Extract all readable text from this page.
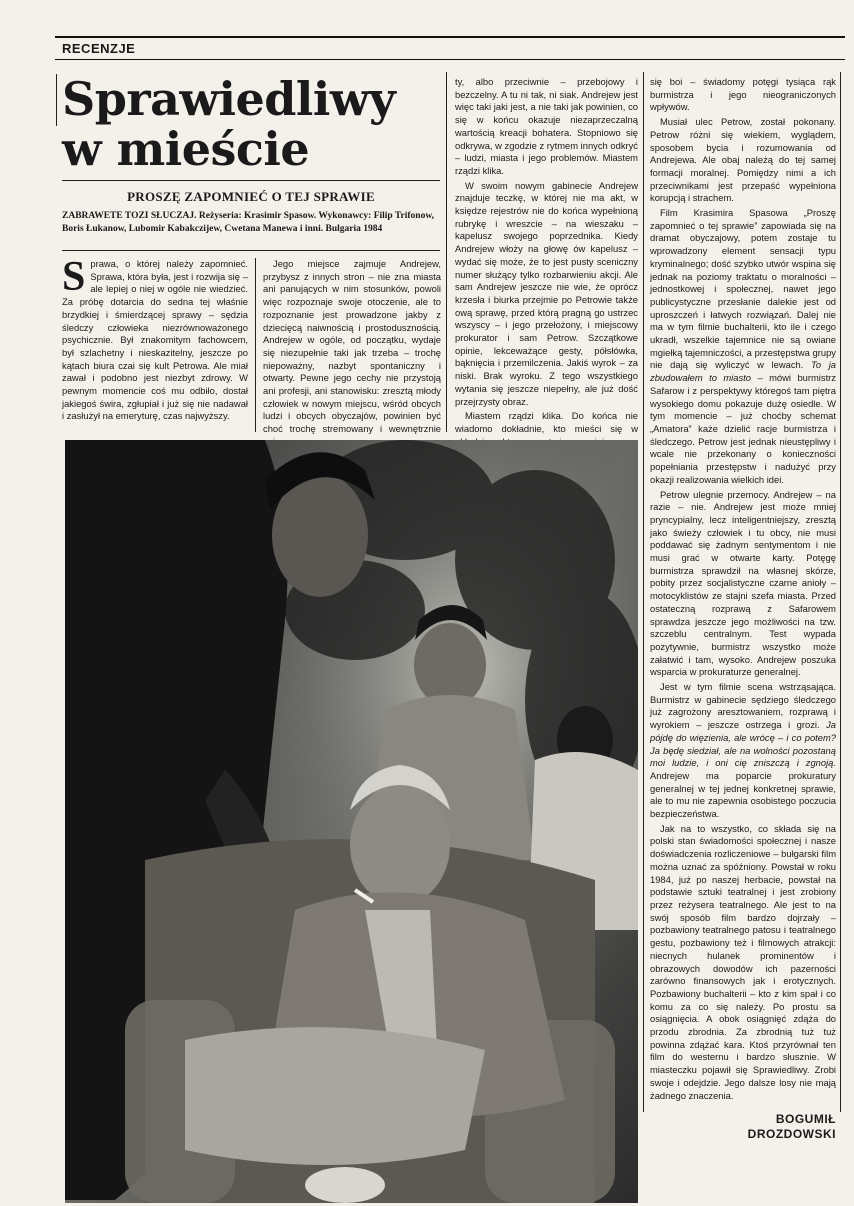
RECENZJE
Sprawiedliwy
w mieście
PROSZĘ ZAPOMNIEĆ O TEJ SPRAWIE

ZABRAWETE TOZI SŁUCZAJ. Reżyseria: Krasimir Spasow. Wykonawcy: Filip Trifonow, Boris Łukanow, Lubomir Kabakczijew, Cwetana Manewa i inni. Bulgaria 1984

Sprawa, o której należy zapomnieć. Sprawa, która była, jest i rozwija się – ale lepiej o niej w ogóle nie wiedzieć. Za próbę dotarcia do sedna tej właśnie brzydkiej i śmierdzącej sprawy – sędzia śledczy człowieka niezrównoważonego psychicznie. Był znakomitym fachowcem, był szlachetny i nieskazitelny, jeszcze po kątach biura czai się kult Petrowa. Ale miał zawał i podobno jest niezbyt zdrowy. W pewnym momencie coś mu odbiło, dostał jakiegoś świra, zgłupiał i już się nie nadawał i zasłużył na emeryturę, czas najwyższy.

Jego miejsce zajmuje Andrejew, przybysz z innych stron – nie zna miasta ani panujących w nim stosunków, powoli więc rozpoznaje swoje otoczenie, ale to rozpoznanie jest prowadzone jakby z dziecięcą naiwnością i prostodusznością. Andrejew w ogóle, od początku, wydaje się niezupełnie taki jak trzeba – trochę niepoważny, nazbyt spontaniczny i otwarty. Pewne jego cechy nie przystoją ani profesji, ani stanowisku: zresztą młody człowiek w nowym miejscu, wśród obcych ludzi i obcych obyczajów, powinien być choć trochę stremowany i wewnętrznie

ty, albo przeciwnie – przebojowy i bezczelny. A tu ni tak, ni siak. Andrejew jest więc taki jaki jest, a nie taki jak powinien, co się w końcu okazuje niezaprzeczalną wartością kreacji bohatera. Stopniowo się odkrywa, w zgodzie z rytmem innych odkryć – ludzi, miasta i jego problemów. Miastem rządzi klika.

W swoim nowym gabinecie Andrejew znajduje teczkę, w której nie ma akt, w księdze rejestrów nie do końca wypełnioną rubrykę i wreszcie – na wieszaku – kapelusz swojego poprzednika. Kiedy Andrejew włoży na głowę ów kapelusz – wydać się może, że to jest pusty sceniczny numer służący tylko rozbarwieniu akcji. Ale sam Andrejew jeszcze nie wie, że oprócz krzesła i biurka przejmie po Petrowie także ową sprawę, przed którą pragną go ustrzec wszyscy – i jego przełożony, i miejscowy prokurator i sam Petrow. Szczątkowe opinie, lekceważące gesty, półsłówka, bąknięcia i przemilczenia. Jakiś wyrok – za niski. Brak wyroku. Z tego wszystkiego wytania się jeszcze niepełny, ale już dość przejrzysty obraz.

Miastem rządzi klika. Do końca nie wiadomo dokładnie, kto mieści się w

się boi – świadomy potęgi tysiąca rąk burmistrza i jego nieograniczonych wpływów.

Musiał ulec Petrow, został pokonany. Petrow różni się wiekiem, wyglądem, sposobem bycia i rozumowania od Andrejewa. Ale obaj należą do tej samej formacji moralnej. Pomiędzy nimi a ich przeciwnikami jest przepaść wypełniona korupcją i strachem.

Film Krasimira Spasowa „Proszę zapomnieć o tej sprawie” zapowiada się na dramat obyczajowy, potem zostaje tu wprowadzony element sensacji typu kryminalnego; dość szybko utwór wspina się jednak na poziomy traktatu o moralności – jednostkowej i społecznej, nawet jego publicystyczne przesłanie dalekie jest od uproszczeń i łatwych rozwiązań. Dalej nie ma w tym filmie buchalterii, kto ile i czego ukradł, wszelkie tajemnice nie są owiane mgiełką tajemniczości, a przestępstwa grupy nie dają się wyliczyć w lewach. To ja zbudowałem to miasto – mówi burmistrz Safarow i z perspektywy któregoś tam piętra wysokiego domu pokazuje dużę osiedle. W tym momencie – już choćby schemat „Amatora” każe dzielić racje burmistrza i śledczego. Petrow jest jednak nieustępliwy i wcale nie przekonany o konieczności popełniania przestępstw i nadużyć przy okazji realizowania wielkich idei.

Petrow ulegnie przemocy. Andrejew – na razie – nie. Andrejew jest może mniej pryncypialny, lecz inteligentniejszy, zresztą jako świeży człowiek i tu obcy, nie musi poddawać się żadnym sentymentom i nie musi grać w otwarte karty. Potęgę burmistrza sprawdził na własnej skórze, pobity przez socjalistyczne czarne anioły – motocyklistów ze stajni szefa miasta. Przed ostateczną rozprawą z Safarowem sprawdza jeszcze jego możliwości na tzw. szczeblu centralnym. Test wypada pozytywnie, burmistrz wszystko może załatwić i tam, wysoko. Andrejew poszuka wsparcia w prokuraturze generalnej.

Jest w tym filmie scena wstrząsająca. Burmistrz w gabinecie sędziego śledczego już zagrożony aresztowaniem, rozprawą i wyrokiem – jeszcze ostrzega i grozi. Ja pójdę do więzienia, ale wrócę – i co potem? Ja będę siedział, ale na wolności pozostaną moi ludzie, i oni cię zniszczą i zgnoją. Andrejew ma poparcie prokuratury generalnej w tej jednej konkretnej sprawie, ale to mu nie zapewnia osobistego poczucia bezpieczeństwa.

Jak na to wszystko, co składa się na polski stan świadomości społecznej i nasze doświadczenia rozliczeniowe – bułgarski film można uznać za spóźniony. Powstał w roku 1984, już po naszej herbacie, powstał na podstawie sztuki teatralnej i jest zrobiony przez reżysera teatralnego. Ale jest to na swój sposób film bardzo dojrzały – pozbawiony teatralnego patosu i teatralnego gestu, pozbawiony też i filmowych atrakcji: niecnych hulanek prominentów i obrazowych dowodów ich pazerności zarówno finansowych jak i erotycznych. Pozbawiony buchalterii – kto z kim spał i co komu za co się należy. Po prostu sa osiągnięcia. A obok osiągnięć zdąża do przodu zbrodnia. Za zbrodnią tuż tuż powinna zdążać kara. Ktoś przyrównał ten film do westernu i bardzo słusznie. W miasteczku pojawił się Sprawiedliwy. Zrobi swoje i odejdzie. Jego dalsze losy nie mają żadnego znaczenia.

BOGUMIŁ
DROZDOWSKI
